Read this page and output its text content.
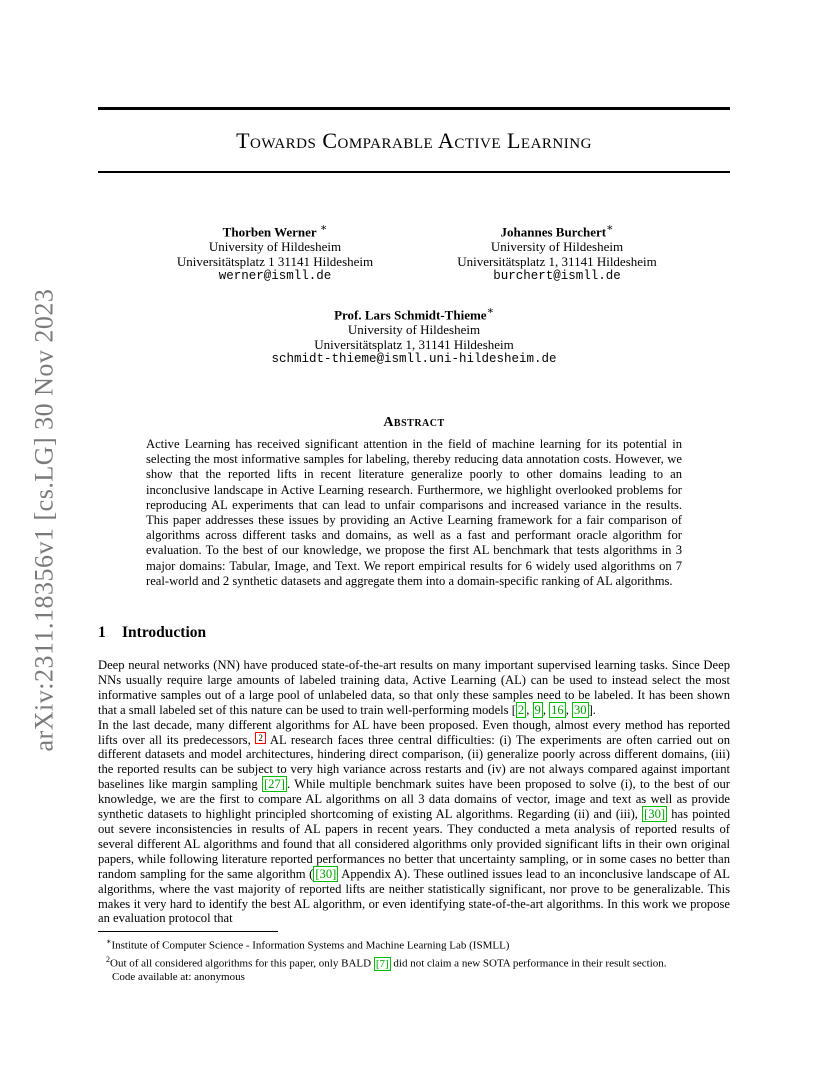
Towards Comparable Active Learning
arXiv:2311.18356v1 [cs.LG] 30 Nov 2023
Thorben Werner ∗
University of Hildesheim
Universitätsplatz 1 31141 Hildesheim
werner@ismll.de
Johannes Burchert∗
University of Hildesheim
Universitätsplatz 1, 31141 Hildesheim
burchert@ismll.de
Prof. Lars Schmidt-Thieme∗
University of Hildesheim
Universitätsplatz 1, 31141 Hildesheim
schmidt-thieme@ismll.uni-hildesheim.de
Abstract
Active Learning has received significant attention in the field of machine learning for its potential in selecting the most informative samples for labeling, thereby reducing data annotation costs. However, we show that the reported lifts in recent literature generalize poorly to other domains leading to an inconclusive landscape in Active Learning research. Furthermore, we highlight overlooked problems for reproducing AL experiments that can lead to unfair comparisons and increased variance in the results. This paper addresses these issues by providing an Active Learning framework for a fair comparison of algorithms across different tasks and domains, as well as a fast and performant oracle algorithm for evaluation. To the best of our knowledge, we propose the first AL benchmark that tests algorithms in 3 major domains: Tabular, Image, and Text. We report empirical results for 6 widely used algorithms on 7 real-world and 2 synthetic datasets and aggregate them into a domain-specific ranking of AL algorithms.
1 Introduction

Deep neural networks (NN) have produced state-of-the-art results on many important supervised learning tasks. Since Deep NNs usually require large amounts of labeled training data, Active Learning (AL) can be used to instead select the most informative samples out of a large pool of unlabeled data, so that only these samples need to be labeled. It has been shown that a small labeled set of this nature can be used to train well-performing models [ 2 , 9 , 16 , 30 ].

In the last decade, many different algorithms for AL have been proposed. Even though, almost every method has reported lifts over all its predecessors, $^2$ AL research faces three central difficulties: (i) The experiments are often carried out on different datasets and model architectures, hindering direct comparison, (ii) generalize poorly across different domains, (iii) the reported results can be subject to very high variance across restarts and (iv) are not always compared against important baselines like margin sampling [27] . While multiple benchmark suites have been proposed to solve (i), to the best of our knowledge, we are the first to compare AL algorithms on all 3 data domains of vector, image and text as well as provide synthetic datasets to highlight principled shortcoming of existing AL algorithms. Regarding (ii) and (iii), [30] has pointed out severe inconsistencies in results of AL papers in recent years. They conducted a meta analysis of reported results of several different AL algorithms and found that all considered algorithms only provided significant lifts in their own original papers, while following literature reported performances no better that uncertainty sampling, or in some cases no better than random sampling for the same algorithm ( [30] Appendix A). These outlined issues lead to an inconclusive landscape of AL algorithms, where the vast majority of reported lifts are neither statistically significant, nor prove to be generalizable. This makes it very hard to identify the best AL algorithm, or even identifying state-of-the-art algorithms. In this work we propose an evaluation protocol that

∗Institute of Computer Science - Information Systems and Machine Learning Lab (ISMLL)
$^2$Out of all considered algorithms for this paper, only BALD [7] did not claim a new SOTA performance in their result section.
Code available at: anonymous
